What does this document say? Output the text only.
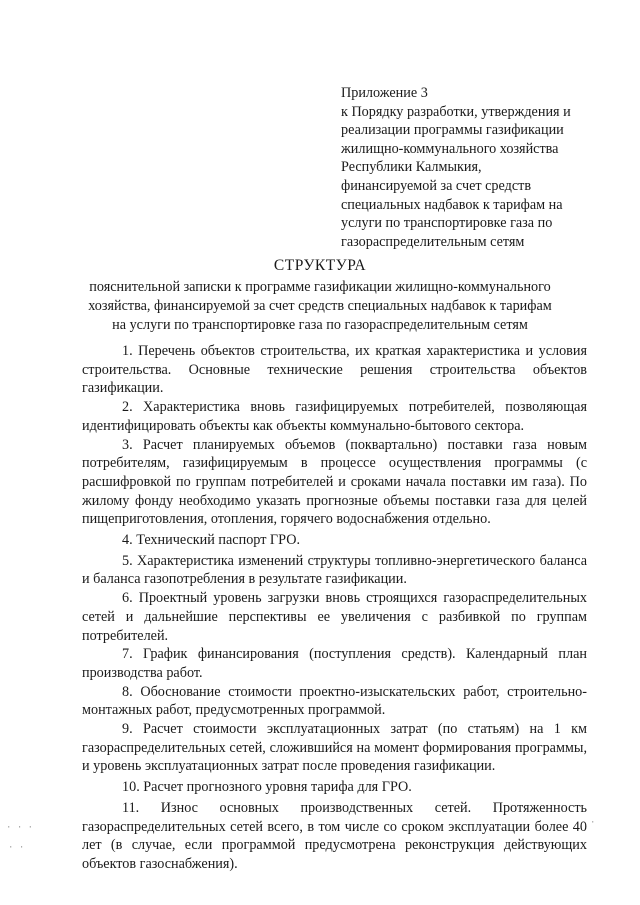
Приложение 3
к Порядку разработки, утверждения и
реализации программы газификации
жилищно-коммунального хозяйства
Республики Калмыкия,
финансируемой за счет средств
специальных надбавок к тарифам на
услуги по транспортировке газа по
газораспределительным сетям
СТРУКТУРА
пояснительной записки к программе газификации жилищно-коммунального
хозяйства, финансируемой за счет средств специальных надбавок к тарифам
на услуги по транспортировке газа по газораспределительным сетям

1. Перечень объектов строительства, их краткая характеристика и условия строительства. Основные технические решения строительства объектов газификации.

2. Характеристика вновь газифицируемых потребителей, позволяющая идентифицировать объекты как объекты коммунально-бытового сектора.

3. Расчет планируемых объемов (поквартально) поставки газа новым потребителям, газифицируемым в процессе осуществления программы (с расшифровкой по группам потребителей и сроками начала поставки им газа). По жилому фонду необходимо указать прогнозные объемы поставки газа для целей пищеприготовления, отопления, горячего водоснабжения отдельно.

4. Технический паспорт ГРО.

5. Характеристика изменений структуры топливно-энергетического баланса и баланса газопотребления в результате газификации.

6. Проектный уровень загрузки вновь строящихся газораспределительных сетей и дальнейшие перспективы ее увеличения с разбивкой по группам потребителей.

7. График финансирования (поступления средств). Календарный план производства работ.

8. Обоснование стоимости проектно-изыскательских работ, строительно-монтажных работ, предусмотренных программой.

9. Расчет стоимости эксплуатационных затрат (по статьям) на 1 км газораспределительных сетей, сложившийся на момент формирования программы, и уровень эксплуатационных затрат после проведения газификации.

10. Расчет прогнозного уровня тарифа для ГРО.

11. Износ основных производственных сетей. Протяженность газораспределительных сетей всего, в том числе со сроком эксплуатации более 40 лет (в случае, если программой предусмотрена реконструкция действующих объектов газоснабжения).

· · ·
· ·
·
